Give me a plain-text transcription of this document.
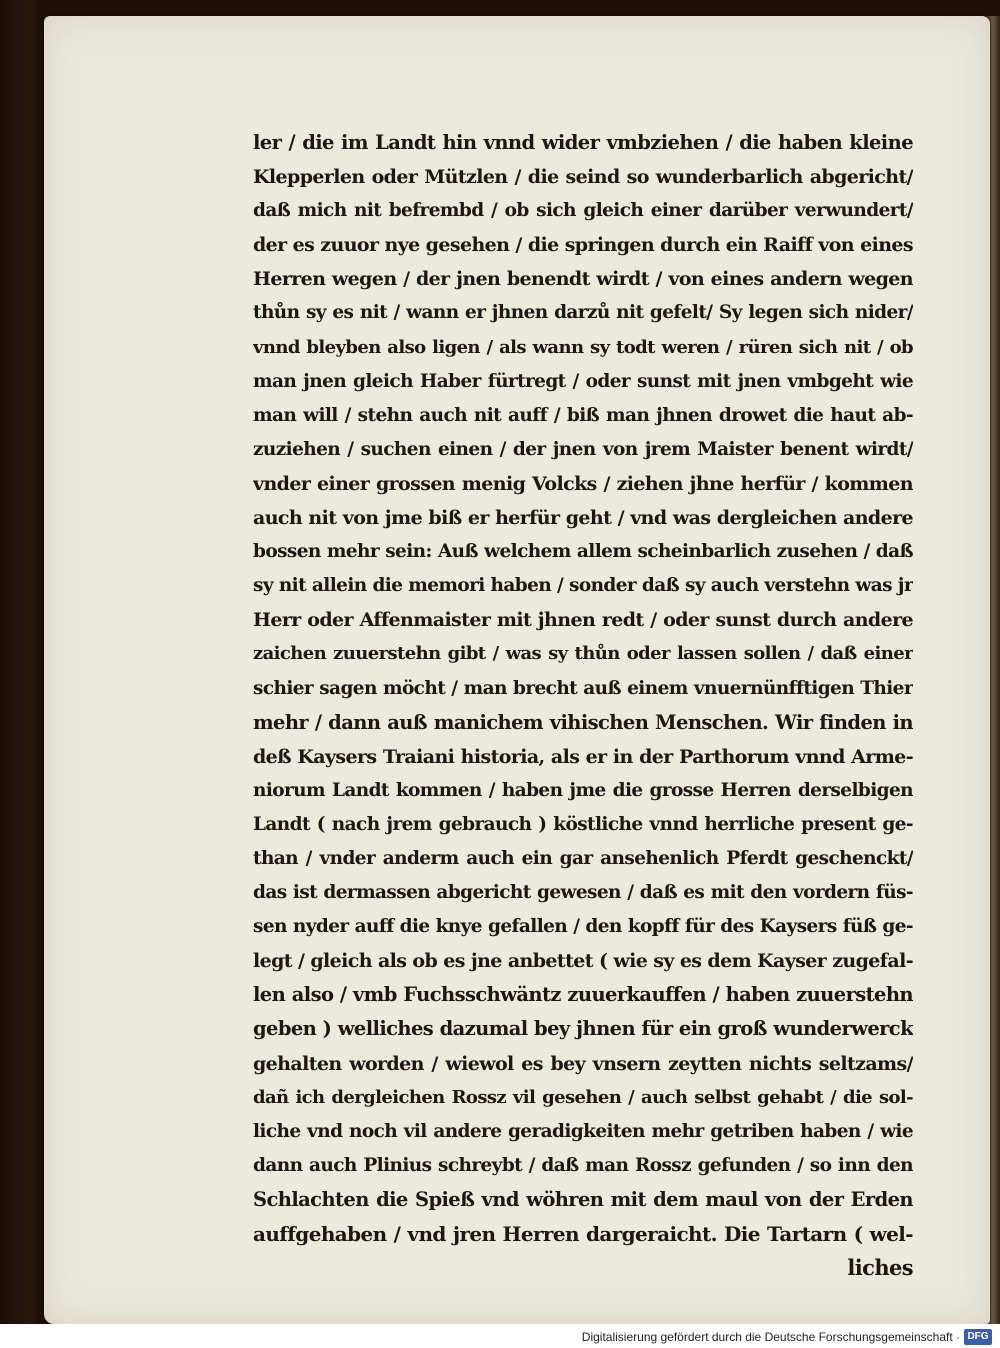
ler / die im Landt hin vnnd wider vmbziehen / die haben kleine
Klepperlen oder Mützlen / die seind so wunderbarlich abgericht/
daß mich nit befrembd / ob sich gleich einer darüber verwundert/
der es zuuor nye gesehen / die springen durch ein Raiff von eines
Herren wegen / der jnen benendt wirdt / von eines andern wegen
thůn sy es nit / wann er jhnen darzů nit gefelt/ Sy legen sich nider/
vnnd bleyben also ligen / als wann sy todt weren / rüren sich nit / ob
man jnen gleich Haber fürtregt / oder sunst mit jnen vmbgeht wie
man will / stehn auch nit auff / biß man jhnen drowet die haut ab-
zuziehen / suchen einen / der jnen von jrem Maister benent wirdt/
vnder einer grossen menig Volcks / ziehen jhne herfür / kommen
auch nit von jme biß er herfür geht / vnd was dergleichen andere
bossen mehr sein: Auß welchem allem scheinbarlich zusehen / daß
sy nit allein die memori haben / sonder daß sy auch verstehn was jr
Herr oder Affenmaister mit jhnen redt / oder sunst durch andere
zaichen zuuerstehn gibt / was sy thůn oder lassen sollen / daß einer
schier sagen möcht / man brecht auß einem vnuernünfftigen Thier
mehr / dann auß manichem vihischen Menschen. Wir finden in
deß Kaysers Traiani historia, als er in der Parthorum vnnd Arme-
niorum Landt kommen / haben jme die grosse Herren derselbigen
Landt ( nach jrem gebrauch ) köstliche vnnd herrliche present ge-
than / vnder anderm auch ein gar ansehenlich Pferdt geschenckt/
das ist dermassen abgericht gewesen / daß es mit den vordern füs-
sen nyder auff die knye gefallen / den kopff für des Kaysers füß ge-
legt / gleich als ob es jne anbettet ( wie sy es dem Kayser zugefal-
len also / vmb Fuchsschwäntz zuuerkauffen / haben zuuerstehn
geben ) welliches dazumal bey jhnen für ein groß wunderwerck
gehalten worden / wiewol es bey vnsern zeytten nichts seltzams/
dañ ich dergleichen Rossz vil gesehen / auch selbst gehabt / die sol-
liche vnd noch vil andere geradigkeiten mehr getriben haben / wie
dann auch Plinius schreybt / daß man Rossz gefunden / so inn den
Schlachten die Spieß vnd wöhren mit dem maul von der Erden
auffgehaben / vnd jren Herren dargeraicht. Die Tartarn ( wel-
liches
Digitalisierung gefördert durch die Deutsche Forschungsgemeinschaft · DFG
